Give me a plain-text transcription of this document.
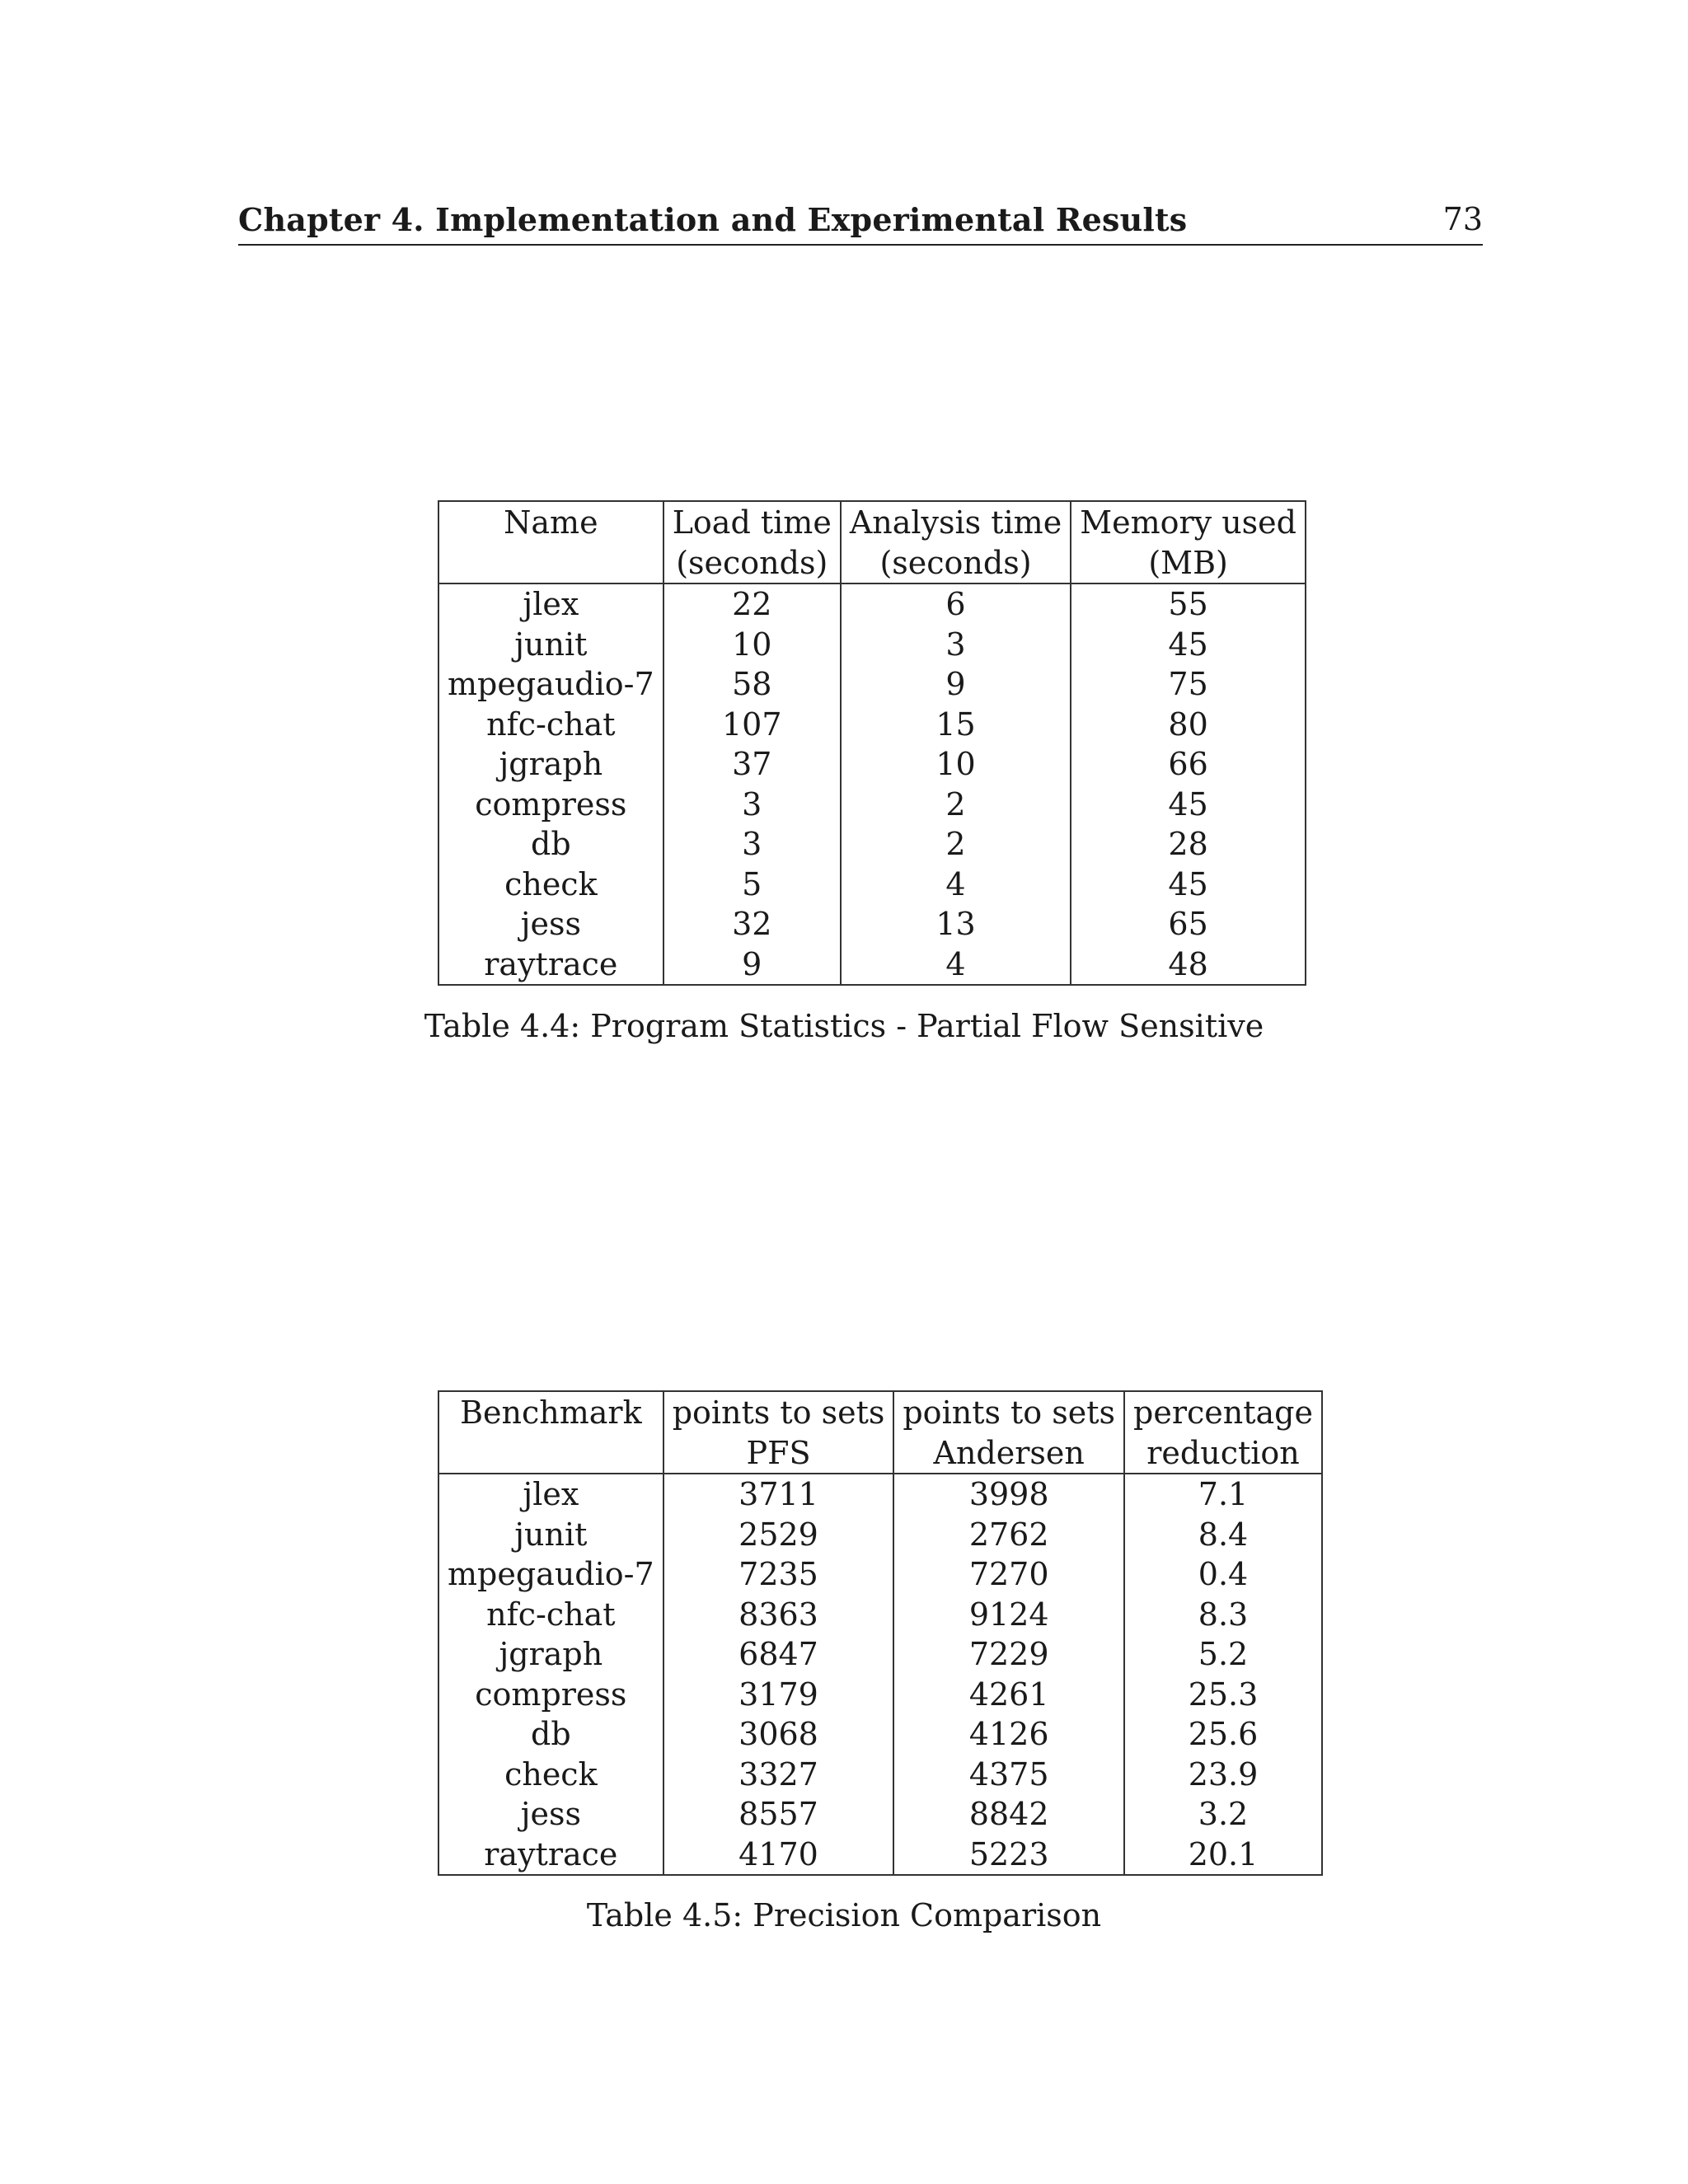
Chapter 4. Implementation and Experimental Results	73
Name	Load time	Analysis time	Memory used
	(seconds)	(seconds)	(MB)
jlex	22	6	55
junit	10	3	45
mpegaudio-7	58	9	75
nfc-chat	107	15	80
jgraph	37	10	66
compress	3	2	45
db	3	2	28
check	5	4	45
jess	32	13	65
raytrace	9	4	48
Table 4.4: Program Statistics - Partial Flow Sensitive
Benchmark	points to sets	points to sets	percentage
	PFS	Andersen	reduction
jlex	3711	3998	7.1
junit	2529	2762	8.4
mpegaudio-7	7235	7270	0.4
nfc-chat	8363	9124	8.3
jgraph	6847	7229	5.2
compress	3179	4261	25.3
db	3068	4126	25.6
check	3327	4375	23.9
jess	8557	8842	3.2
raytrace	4170	5223	20.1
Table 4.5: Precision Comparison
